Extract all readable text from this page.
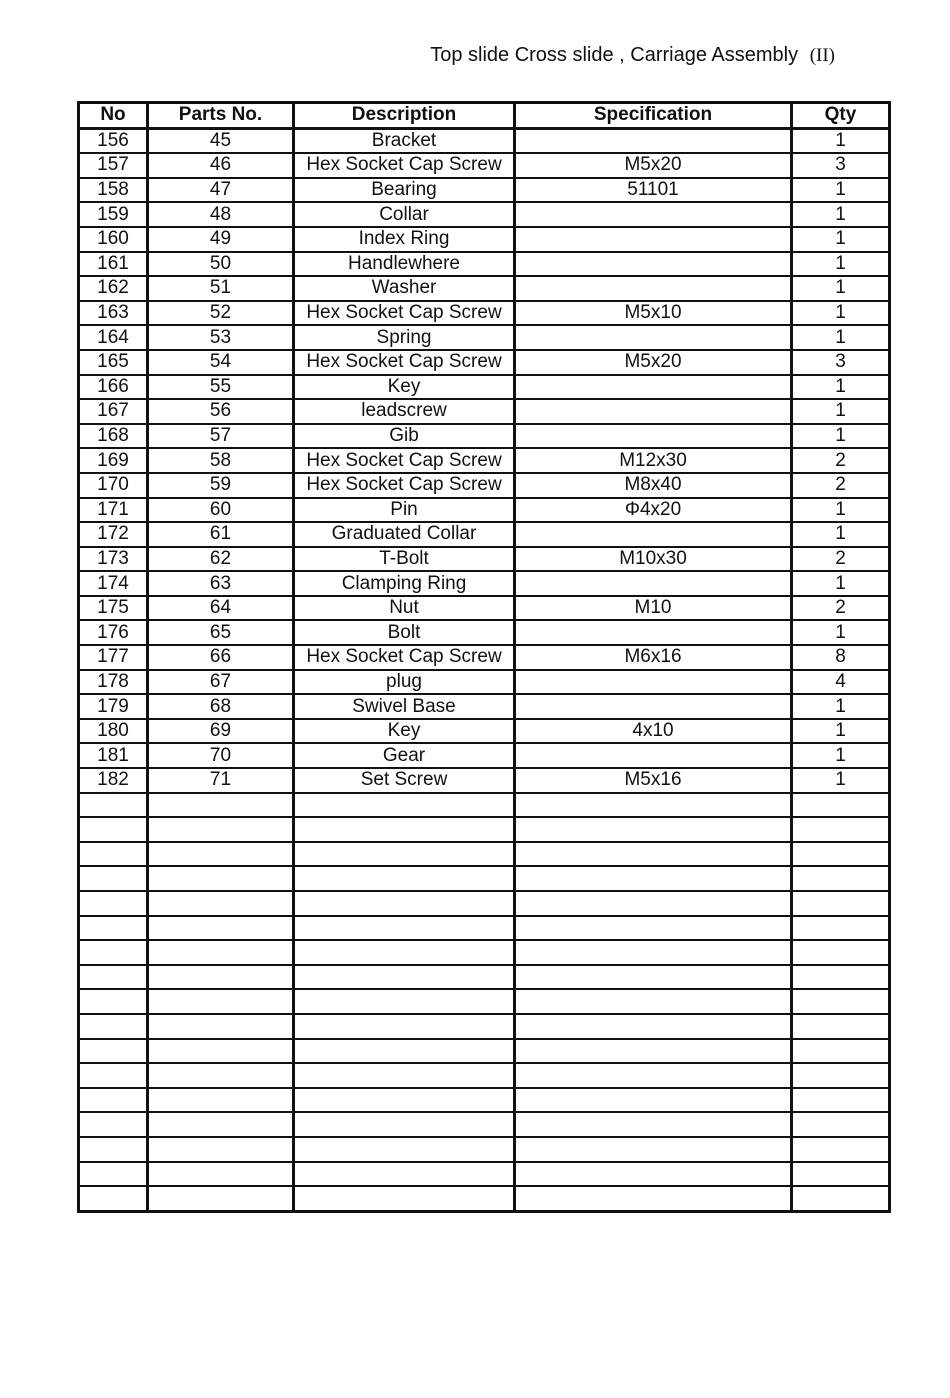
Top slide Cross slide , Carriage Assembly (II)
No	Parts No.	Description	Specification	Qty
156	45	Bracket		1
157	46	Hex Socket Cap Screw	M5x20	3
158	47	Bearing	51101	1
159	48	Collar		1
160	49	Index Ring		1
161	50	Handlewhere		1
162	51	Washer		1
163	52	Hex Socket Cap Screw	M5x10	1
164	53	Spring		1
165	54	Hex Socket Cap Screw	M5x20	3
166	55	Key		1
167	56	leadscrew		1
168	57	Gib		1
169	58	Hex Socket Cap Screw	M12x30	2
170	59	Hex Socket Cap Screw	M8x40	2
171	60	Pin	Φ4x20	1
172	61	Graduated Collar		1
173	62	T-Bolt	M10x30	2
174	63	Clamping Ring		1
175	64	Nut	M10	2
176	65	Bolt		1
177	66	Hex Socket Cap Screw	M6x16	8
178	67	plug		4
179	68	Swivel Base		1
180	69	Key	4x10	1
181	70	Gear		1
182	71	Set Screw	M5x16	1
